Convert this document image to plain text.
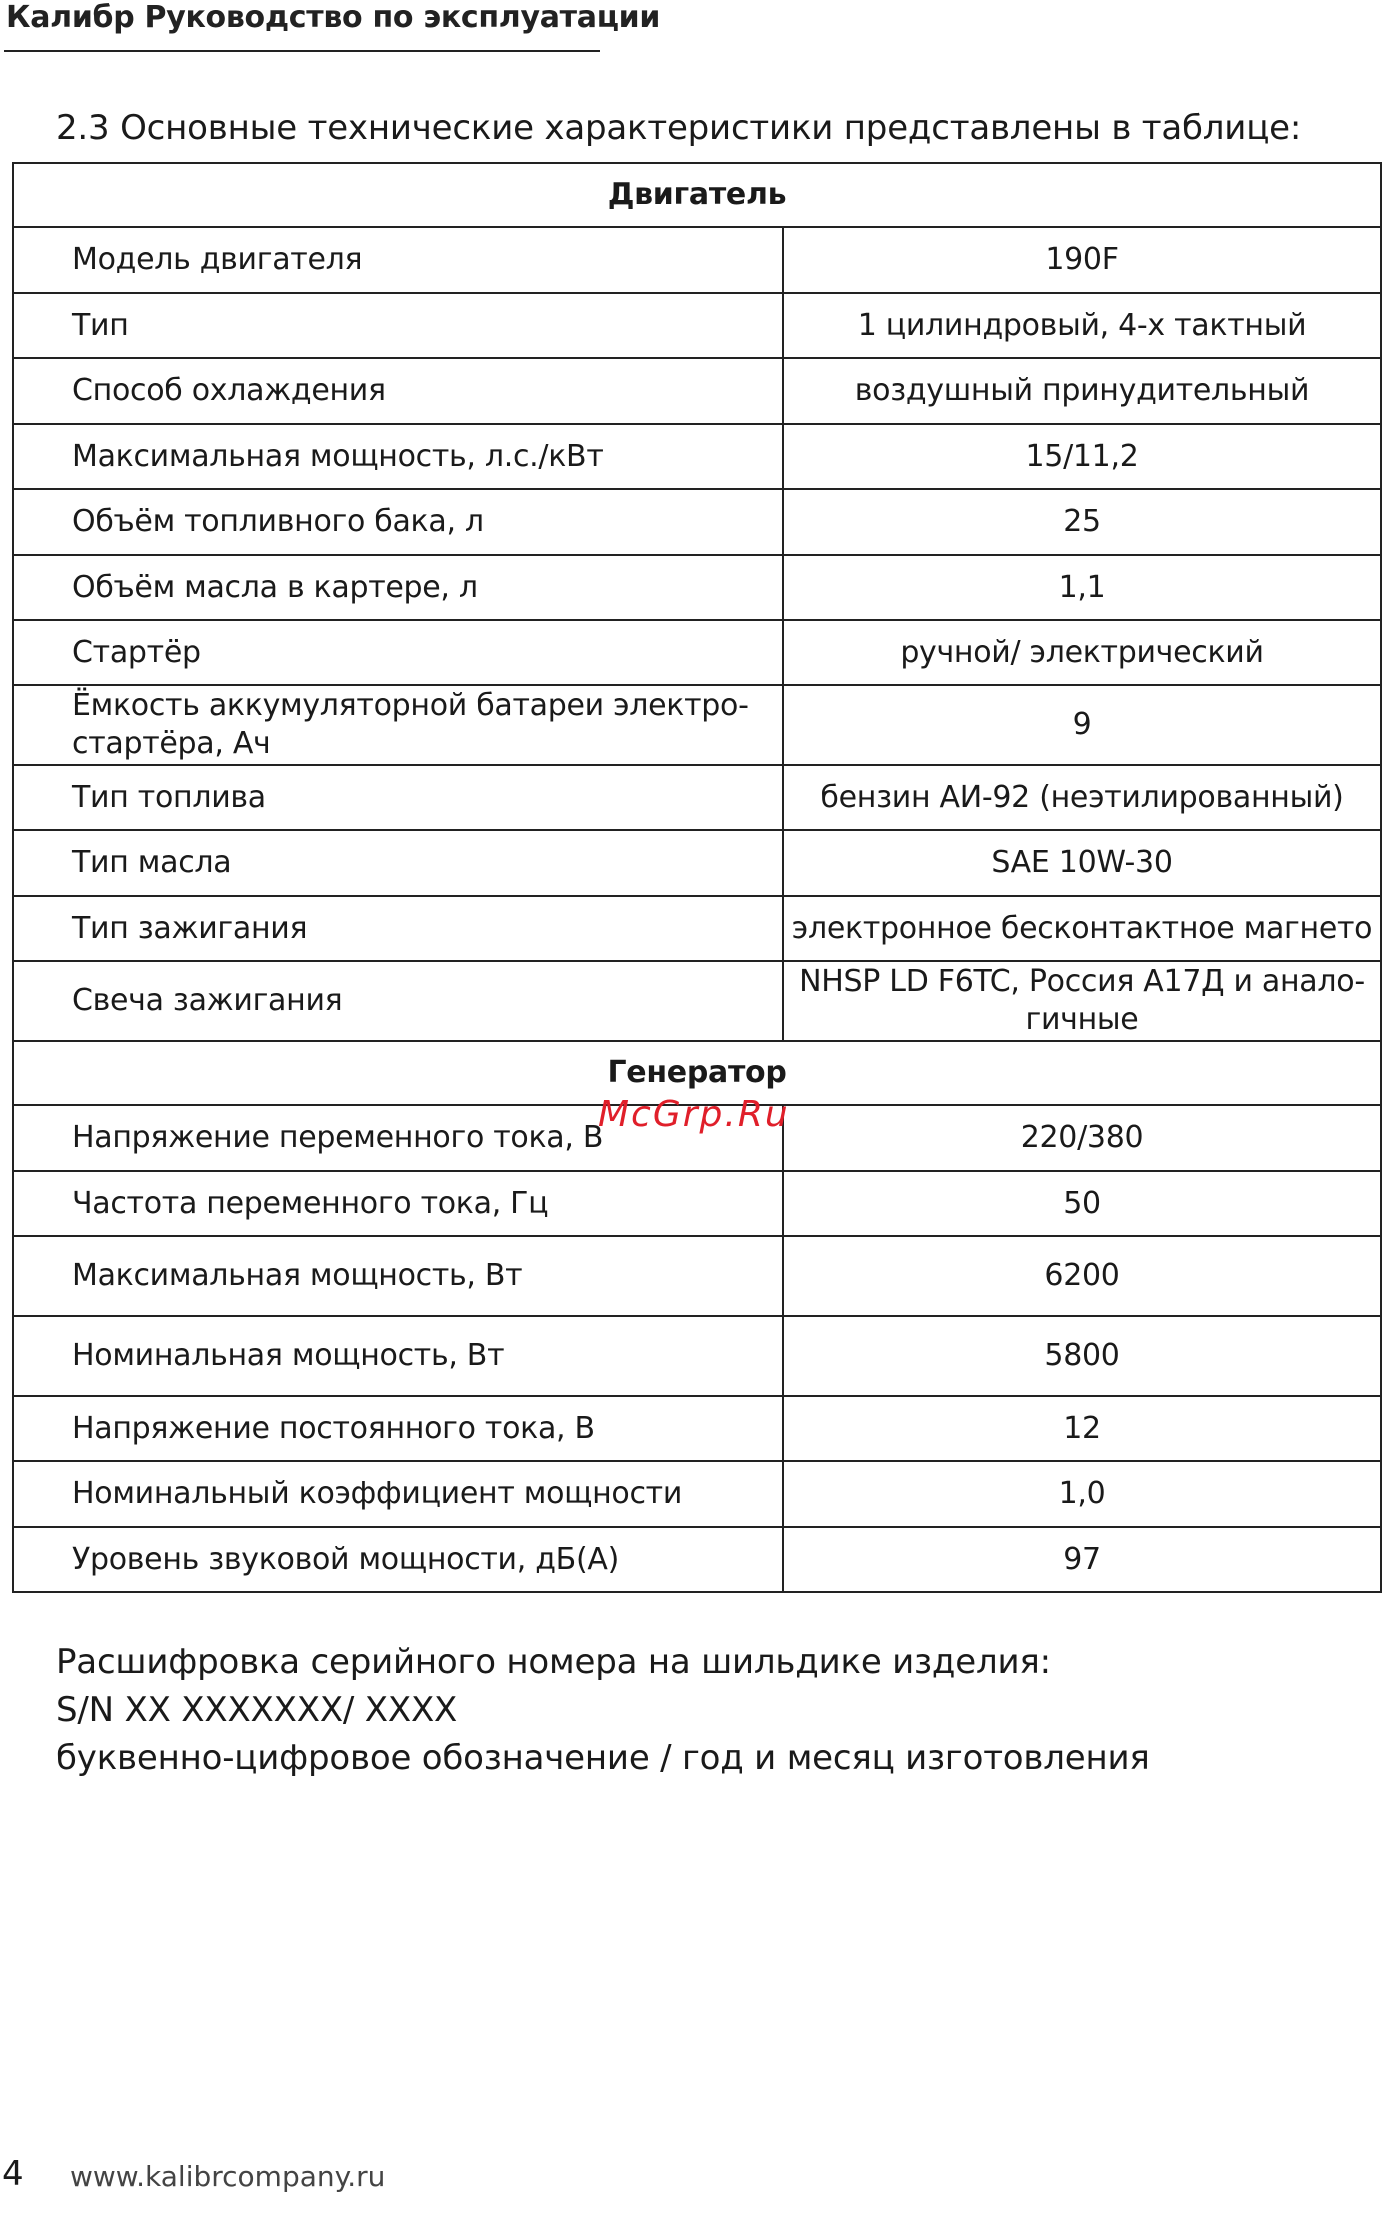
Калибр Руководство по эксплуатации
2.3 Основные технические характеристики представлены в таблице:
Двигатель	
Модель двигателя	190F
Тип	1 цилиндровый, 4-х тактный
Способ охлаждения	воздушный принудительный
Максимальная мощность, л.с./кВт	15/11,2
Объём топливного бака, л	25
Объём масла в картере, л	1,1
Стартёр	ручной/ электрический
Ёмкость аккумуляторной батареи электро-стартёра, Ач	9
Тип топлива	бензин АИ-92 (неэтилированный)
Тип масла	SAE 10W-30
Тип зажигания	электронное бесконтактное магнето
Свеча зажигания	NHSP LD F6TC, Россия А17Д и анало-гичные
Генератор	
Напряжение переменного тока, В	220/380
Частота переменного тока, Гц	50
Максимальная мощность, Вт	6200
Номинальная мощность, Вт	5800
Напряжение постоянного тока, В	12
Номинальный коэффициент мощности	1,0
Уровень звуковой мощности, дБ(А)	97
McGrp.Ru
Расшифровка серийного номера на шильдике изделия:
S/N XX XXXXXXX/ XXXX
буквенно-цифровое обозначение / год и месяц изготовления
4 www.kalibrcompany.ru
